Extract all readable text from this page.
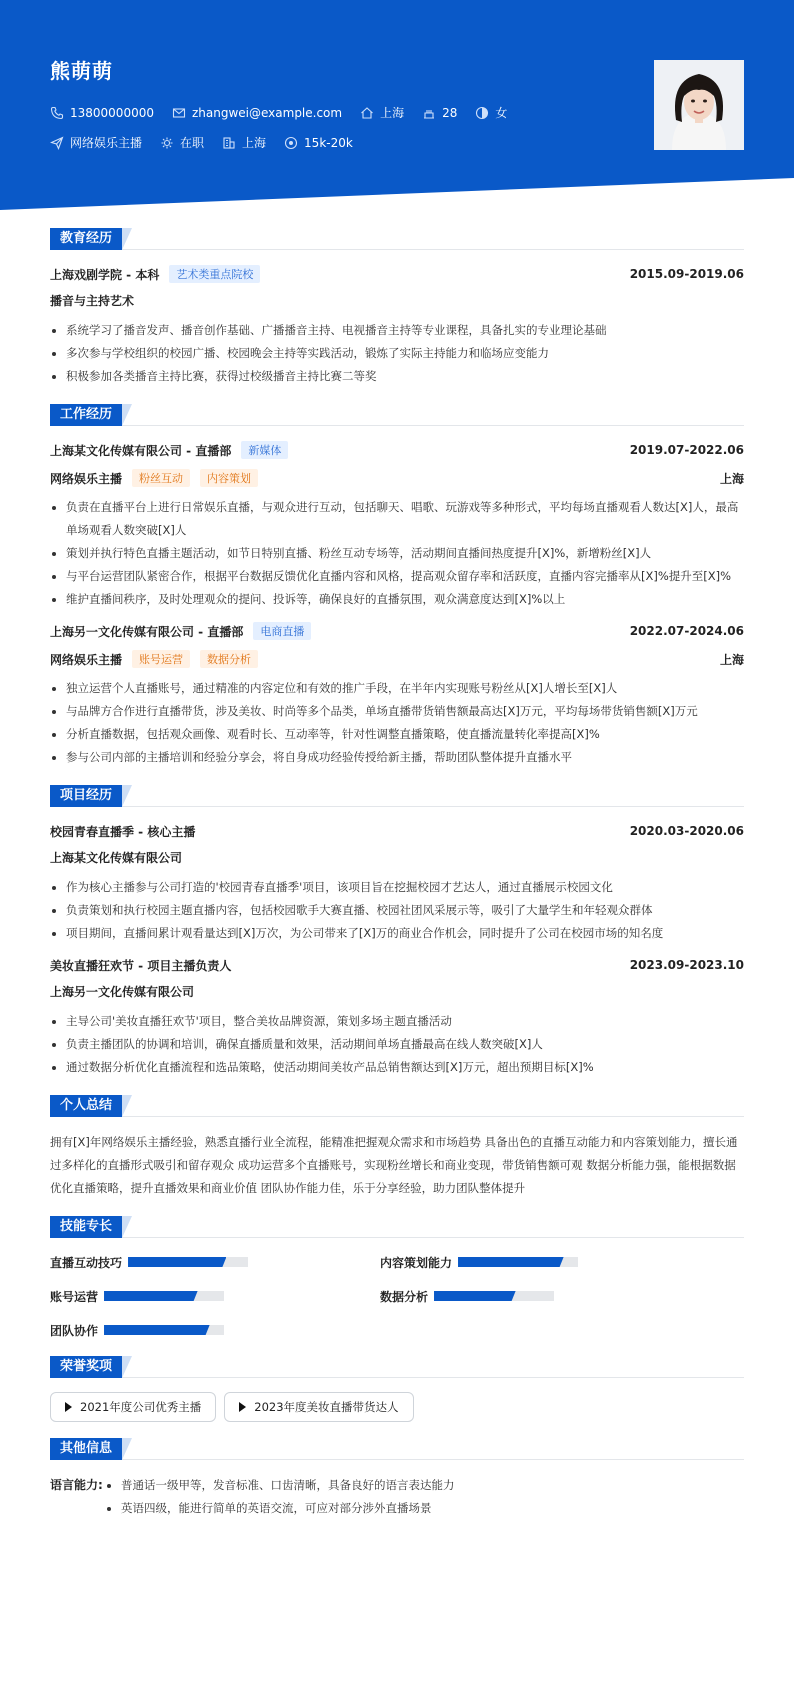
熊萌萌
13800000000	zhangwei@example.com	上海	28	女
网络娱乐主播	在职	上海	15k-20k
教育经历
上海戏剧学院 - 本科	艺术类重点院校	2015.09-2019.06
播音与主持艺术
系统学习了播音发声、播音创作基础、广播播音主持、电视播音主持等专业课程，具备扎实的专业理论基础
多次参与学校组织的校园广播、校园晚会主持等实践活动，锻炼了实际主持能力和临场应变能力
积极参加各类播音主持比赛，获得过校级播音主持比赛二等奖
工作经历
上海某文化传媒有限公司 - 直播部	新媒体	2019.07-2022.06
网络娱乐主播	粉丝互动	内容策划	上海
负责在直播平台上进行日常娱乐直播，与观众进行互动，包括聊天、唱歌、玩游戏等多种形式，平均每场直播观看人数达[X]人，最高单场观看人数突破[X]人
策划并执行特色直播主题活动，如节日特别直播、粉丝互动专场等，活动期间直播间热度提升[X]%，新增粉丝[X]人
与平台运营团队紧密合作，根据平台数据反馈优化直播内容和风格，提高观众留存率和活跃度，直播内容完播率从[X]%提升至[X]%
维护直播间秩序，及时处理观众的提问、投诉等，确保良好的直播氛围，观众满意度达到[X]%以上
上海另一文化传媒有限公司 - 直播部	电商直播	2022.07-2024.06
网络娱乐主播	账号运营	数据分析	上海
独立运营个人直播账号，通过精准的内容定位和有效的推广手段，在半年内实现账号粉丝从[X]人增长至[X]人
与品牌方合作进行直播带货，涉及美妆、时尚等多个品类，单场直播带货销售额最高达[X]万元，平均每场带货销售额[X]万元
分析直播数据，包括观众画像、观看时长、互动率等，针对性调整直播策略，使直播流量转化率提高[X]%
参与公司内部的主播培训和经验分享会，将自身成功经验传授给新主播，帮助团队整体提升直播水平
项目经历
校园青春直播季 - 核心主播	2020.03-2020.06
上海某文化传媒有限公司
作为核心主播参与公司打造的'校园青春直播季'项目，该项目旨在挖掘校园才艺达人，通过直播展示校园文化
负责策划和执行校园主题直播内容，包括校园歌手大赛直播、校园社团风采展示等，吸引了大量学生和年轻观众群体
项目期间，直播间累计观看量达到[X]万次，为公司带来了[X]万的商业合作机会，同时提升了公司在校园市场的知名度
美妆直播狂欢节 - 项目主播负责人	2023.09-2023.10
上海另一文化传媒有限公司
主导公司'美妆直播狂欢节'项目，整合美妆品牌资源，策划多场主题直播活动
负责主播团队的协调和培训，确保直播质量和效果，活动期间单场直播最高在线人数突破[X]人
通过数据分析优化直播流程和选品策略，使活动期间美妆产品总销售额达到[X]万元，超出预期目标[X]%
个人总结
拥有[X]年网络娱乐主播经验，熟悉直播行业全流程，能精准把握观众需求和市场趋势 具备出色的直播互动能力和内容策划能力，擅长通过多样化的直播形式吸引和留存观众 成功运营多个直播账号，实现粉丝增长和商业变现，带货销售额可观 数据分析能力强，能根据数据优化直播策略，提升直播效果和商业价值 团队协作能力佳，乐于分享经验，助力团队整体提升
技能专长
直播互动技巧	内容策划能力
账号运营	数据分析
团队协作
荣誉奖项
2021年度公司优秀主播	2023年度美妆直播带货达人
其他信息
语言能力:	普通话一级甲等，发音标准、口齿清晰，具备良好的语言表达能力
英语四级，能进行简单的英语交流，可应对部分涉外直播场景
